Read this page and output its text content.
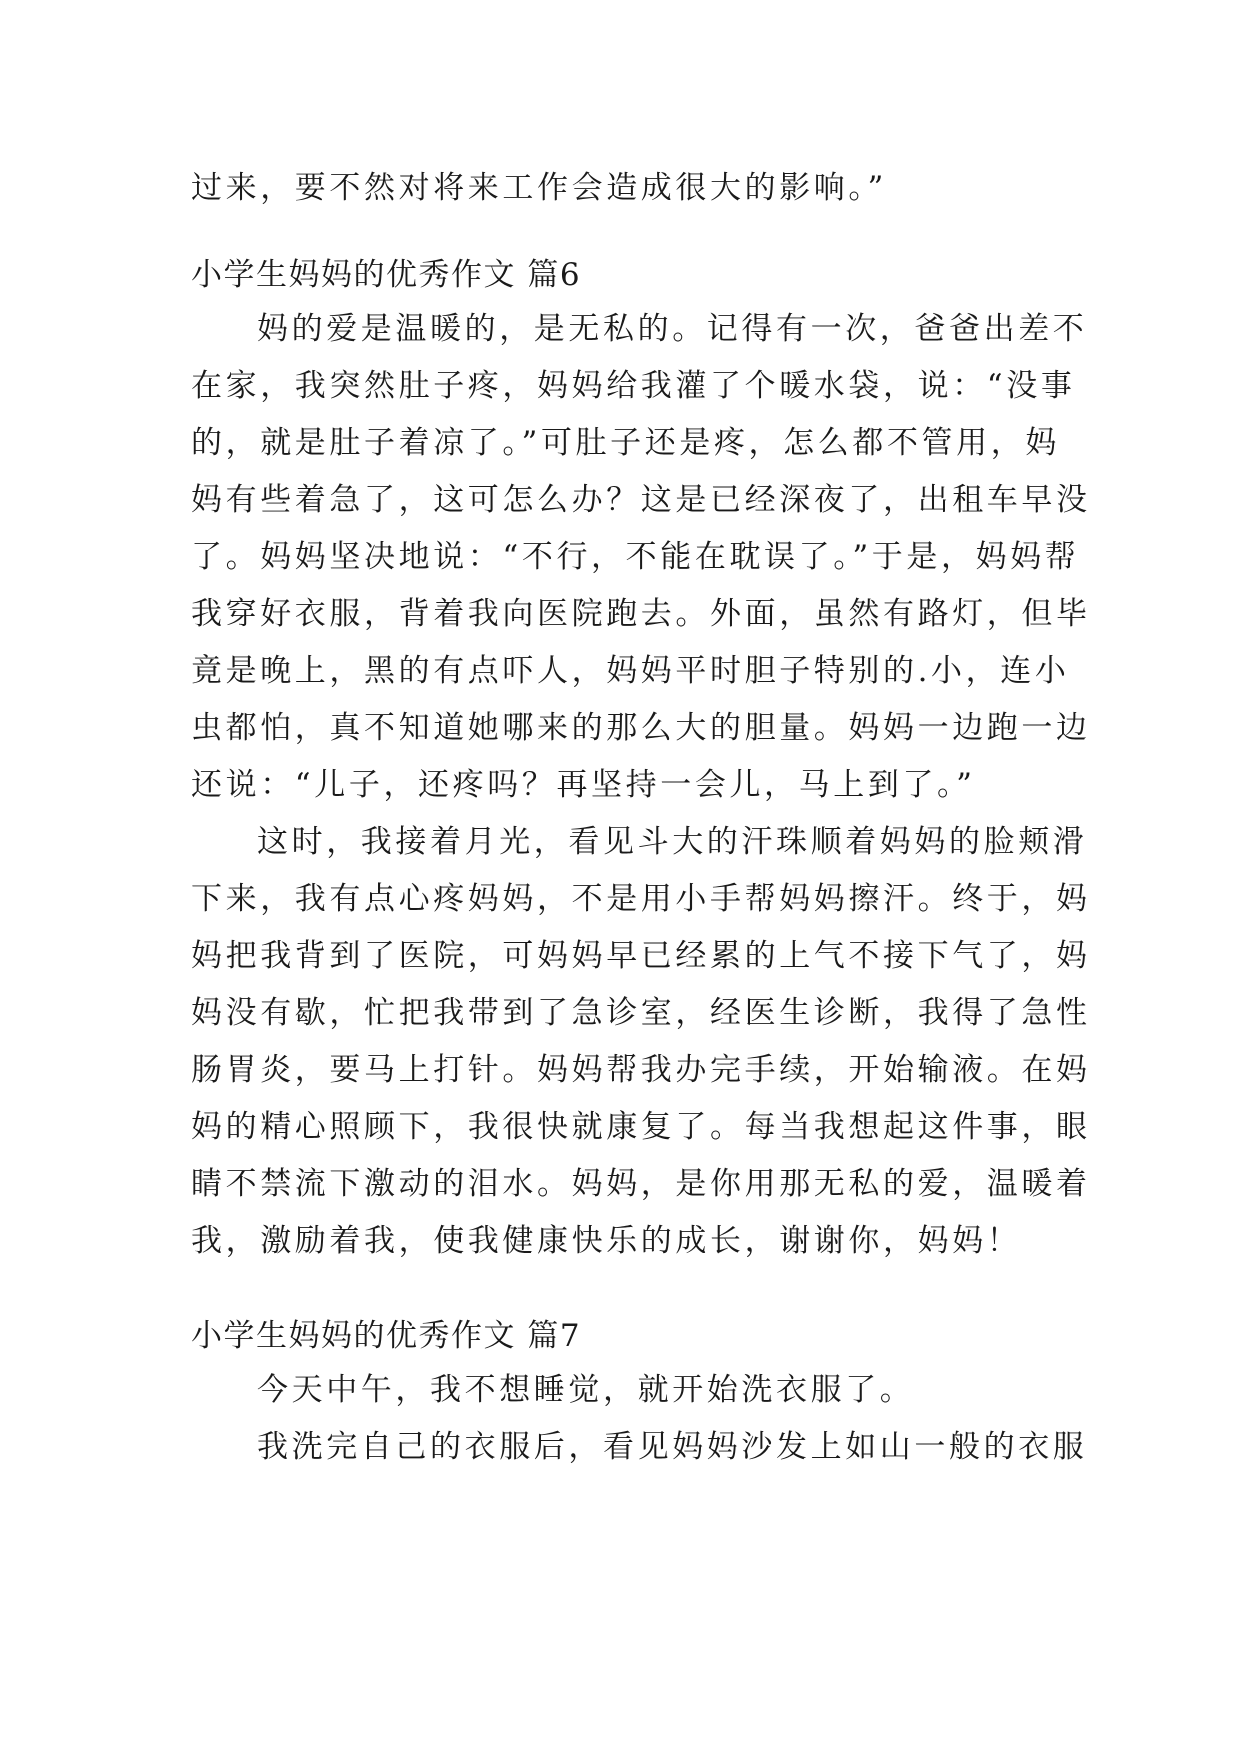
过来，要不然对将来工作会造成很大的影响。”
小学生妈妈的优秀作文 篇6
妈的爱是温暖的，是无私的。记得有一次，爸爸出差不
在家，我突然肚子疼，妈妈给我灌了个暖水袋，说：“没事
的，就是肚子着凉了。”可肚子还是疼，怎么都不管用，妈
妈有些着急了，这可怎么办？这是已经深夜了，出租车早没
了。妈妈坚决地说：“不行，不能在耽误了。”于是，妈妈帮
我穿好衣服，背着我向医院跑去。外面，虽然有路灯，但毕
竟是晚上，黑的有点吓人，妈妈平时胆子特别的.小，连小
虫都怕，真不知道她哪来的那么大的胆量。妈妈一边跑一边
还说：“儿子，还疼吗？再坚持一会儿，马上到了。”
这时，我接着月光，看见斗大的汗珠顺着妈妈的脸颊滑
下来，我有点心疼妈妈，不是用小手帮妈妈擦汗。终于，妈
妈把我背到了医院，可妈妈早已经累的上气不接下气了，妈
妈没有歇，忙把我带到了急诊室，经医生诊断，我得了急性
肠胃炎，要马上打针。妈妈帮我办完手续，开始输液。在妈
妈的精心照顾下，我很快就康复了。每当我想起这件事，眼
睛不禁流下激动的泪水。妈妈，是你用那无私的爱，温暖着
我，激励着我，使我健康快乐的成长，谢谢你，妈妈！
小学生妈妈的优秀作文 篇7
今天中午，我不想睡觉，就开始洗衣服了。
我洗完自己的衣服后，看见妈妈沙发上如山一般的衣服
